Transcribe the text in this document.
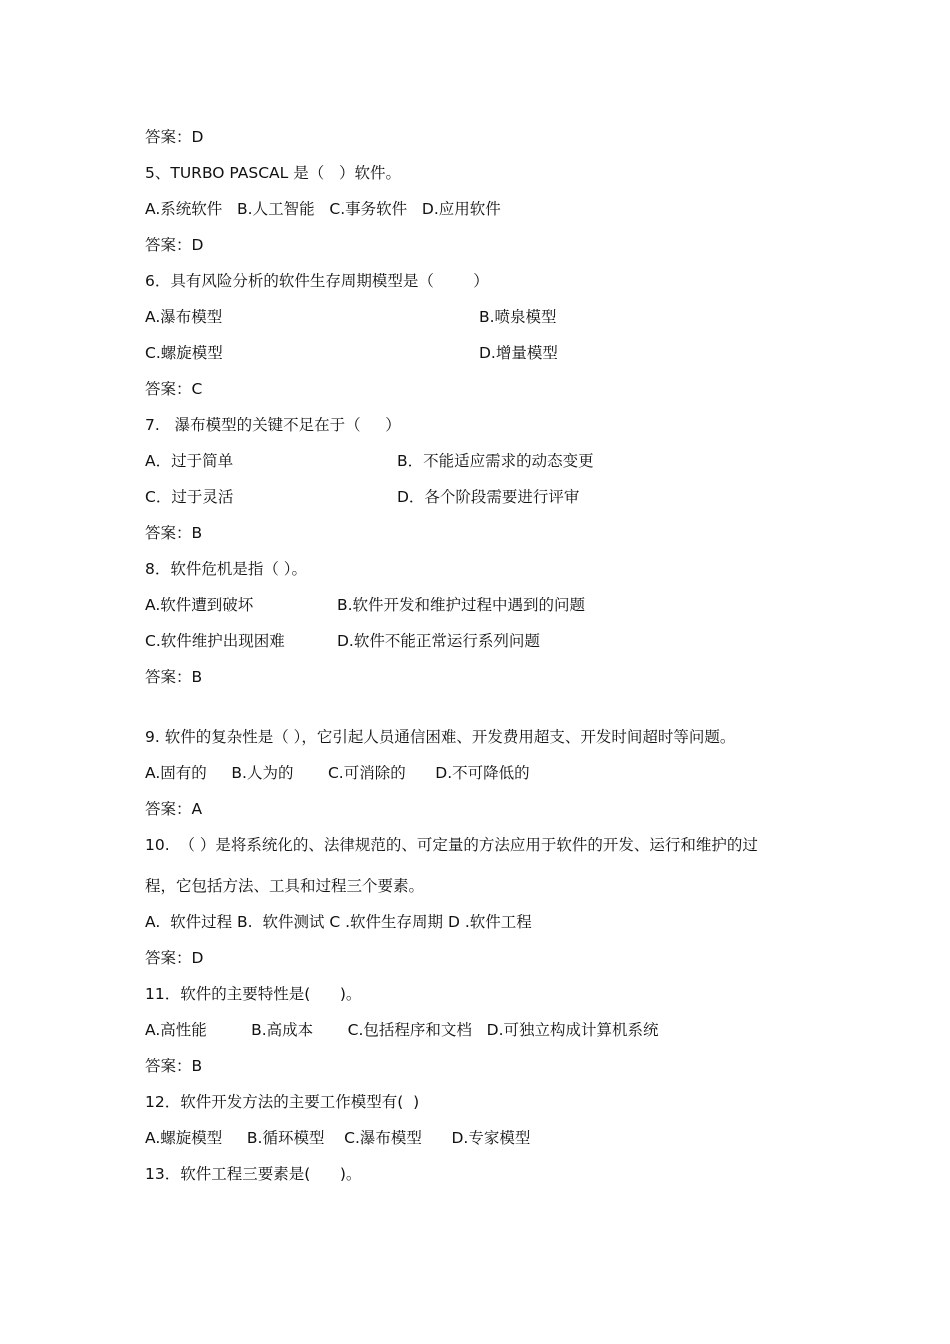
答案：D
5、TURBO PASCAL 是（   ）软件。
A.系统软件   B.人工智能   C.事务软件   D.应用软件
答案：D
6．具有风险分析的软件生存周期模型是（        ）
A.瀑布模型	B.喷泉模型
C.螺旋模型	D.增量模型
答案：C
7.   瀑布模型的关键不足在于（     ）
A．过于简单	B．不能适应需求的动态变更
C．过于灵活	D．各个阶段需要进行评审
答案：B
8．软件危机是指（ ）。
A.软件遭到破坏	B.软件开发和维护过程中遇到的问题
C.软件维护出现困难	D.软件不能正常运行系列问题
答案：B
9. 软件的复杂性是（ ），它引起人员通信困难、开发费用超支、开发时间超时等问题。
A.固有的     B.人为的       C.可消除的      D.不可降低的
答案：A
10.  （ ）是将系统化的、法律规范的、可定量的方法应用于软件的开发、运行和维护的过
程，它包括方法、工具和过程三个要素。
A.  软件过程 B.  软件测试 C .软件生存周期 D .软件工程
答案：D
11．软件的主要特性是(      )。
A.高性能         B.高成本       C.包括程序和文档   D.可独立构成计算机系统
答案：B
12．软件开发方法的主要工作模型有(  )
A.螺旋模型     B.循环模型    C.瀑布模型      D.专家模型
13．软件工程三要素是(      )。
